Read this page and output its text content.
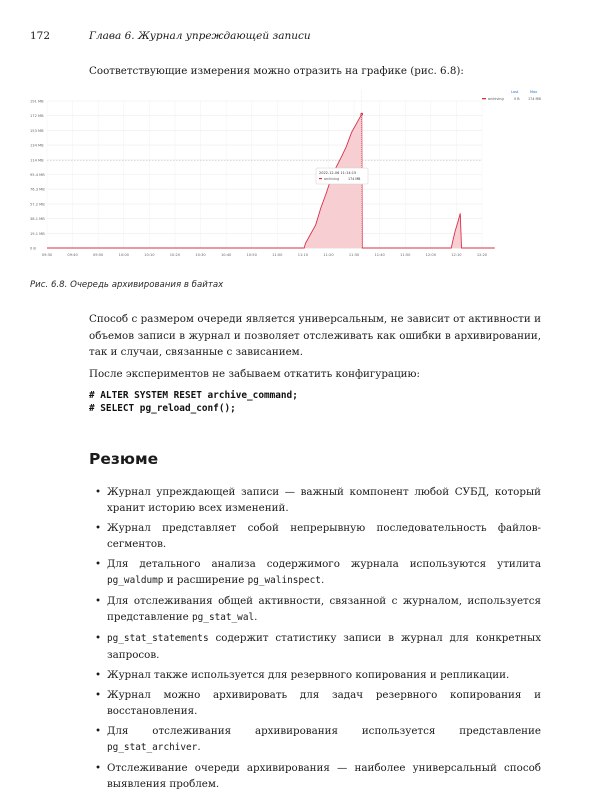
172	Глава 6. Журнал упреждающей записи
Соответствующие измерения можно отразить на графике (рис. 6.8):
0 B
19.1 MB
38.1 MB
57.2 MB
76.3 MB
95.4 MB
114 MB
134 MB
153 MB
172 MB
191 MB
09:30	09:40	09:50	10:00	10:10	10:20	10:30	10:40	10:50	11:00	11:10	11:20	11:30	11:40	11:50	12:00	12:10	12:20
2022-12-06 11:14:15
archiving	174 MB
Last	Max
archiving	0 B 174 MB
Рис. 6.8. Очередь архивирования в байтах
Способ с размером очереди является универсальным, не зависит от активности и объемов записи в журнал и позволяет отслеживать как ошибки в архивировании, так и случаи, связанные с зависанием.
После экспериментов не забываем откатить конфигурацию:
# ALTER SYSTEM RESET archive_command;
# SELECT pg_reload_conf();
Резюме
• Журнал упреждающей записи — важный компонент любой СУБД, который хранит историю всех изменений.
• Журнал представляет собой непрерывную последовательность файлов-сегментов.
• Для детального анализа содержимого журнала используются утилита pg_waldump и расширение pg_walinspect.
• Для отслеживания общей активности, связанной с журналом, используется представление pg_stat_wal.
• pg_stat_statements содержит статистику записи в журнал для конкретных запросов.
• Журнал также используется для резервного копирования и репликации.
• Журнал можно архивировать для задач резервного копирования и восстановления.
• Для отслеживания архивирования используется представление pg_stat_archiver.
• Отслеживание очереди архивирования — наиболее универсальный способ выявления проблем.
